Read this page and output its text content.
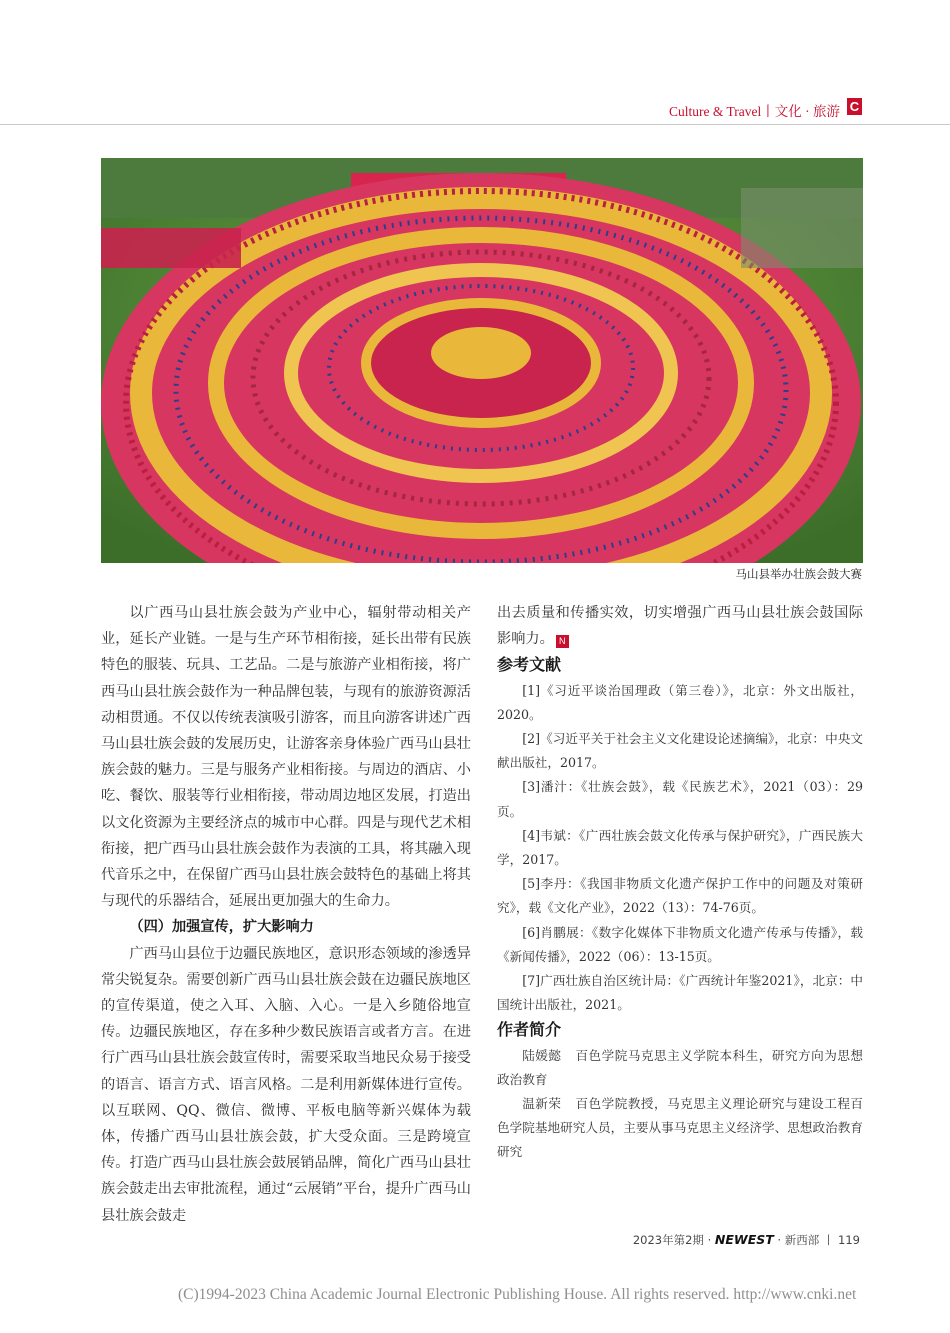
Culture & Travel丨文化 · 旅游 C
马山县举办壮族会鼓大赛

以广西马山县壮族会鼓为产业中心，辐射带动相关产业，延长产业链。一是与生产环节相衔接，延长出带有民族特色的服装、玩具、工艺品。二是与旅游产业相衔接，将广西马山县壮族会鼓作为一种品牌包装，与现有的旅游资源活动相贯通。不仅以传统表演吸引游客，而且向游客讲述广西马山县壮族会鼓的发展历史，让游客亲身体验广西马山县壮族会鼓的魅力。三是与服务产业相衔接。与周边的酒店、小吃、餐饮、服装等行业相衔接，带动周边地区发展，打造出以文化资源为主要经济点的城市中心群。四是与现代艺术相衔接，把广西马山县壮族会鼓作为表演的工具，将其融入现代音乐之中，在保留广西马山县壮族会鼓特色的基础上将其与现代的乐器结合，延展出更加强大的生命力。

（四）加强宣传，扩大影响力

广西马山县位于边疆民族地区，意识形态领域的渗透异常尖锐复杂。需要创新广西马山县壮族会鼓在边疆民族地区的宣传渠道，使之入耳、入脑、入心。一是入乡随俗地宣传。边疆民族地区，存在多种少数民族语言或者方言。在进行广西马山县壮族会鼓宣传时，需要采取当地民众易于接受的语言、语言方式、语言风格。二是利用新媒体进行宣传。以互联网、QQ、微信、微博、平板电脑等新兴媒体为载体，传播广西马山县壮族会鼓，扩大受众面。三是跨境宣传。打造广西马山县壮族会鼓展销品牌，简化广西马山县壮族会鼓走出去审批流程，通过“云展销”平台，提升广西马山县壮族会鼓走

出去质量和传播实效，切实增强广西马山县壮族会鼓国际影响力。 N

参考文献

[1]《习近平谈治国理政（第三卷）》，北京：外文出版社，2020。

[2]《习近平关于社会主义文化建设论述摘编》，北京：中央文献出版社，2017。

[3]潘汁：《壮族会鼓》，载《民族艺术》，2021（03）：29页。

[4]韦斌：《广西壮族会鼓文化传承与保护研究》，广西民族大学，2017。

[5]李丹：《我国非物质文化遗产保护工作中的问题及对策研究》，载《文化产业》，2022（13）：74-76页。

[6]肖鹏展：《数字化媒体下非物质文化遗产传承与传播》，载《新闻传播》，2022（06）：13-15页。

[7]广西壮族自治区统计局：《广西统计年鉴2021》，北京：中国统计出版社，2021。

作者简介

陆媛懿 百色学院马克思主义学院本科生，研究方向为思想政治教育

温新荣 百色学院教授，马克思主义理论研究与建设工程百色学院基地研究人员，主要从事马克思主义经济学、思想政治教育研究

2023年第2期 · NEWEST · 新西部 丨 119
(C)1994-2023 China Academic Journal Electronic Publishing House. All rights reserved. http://www.cnki.net
